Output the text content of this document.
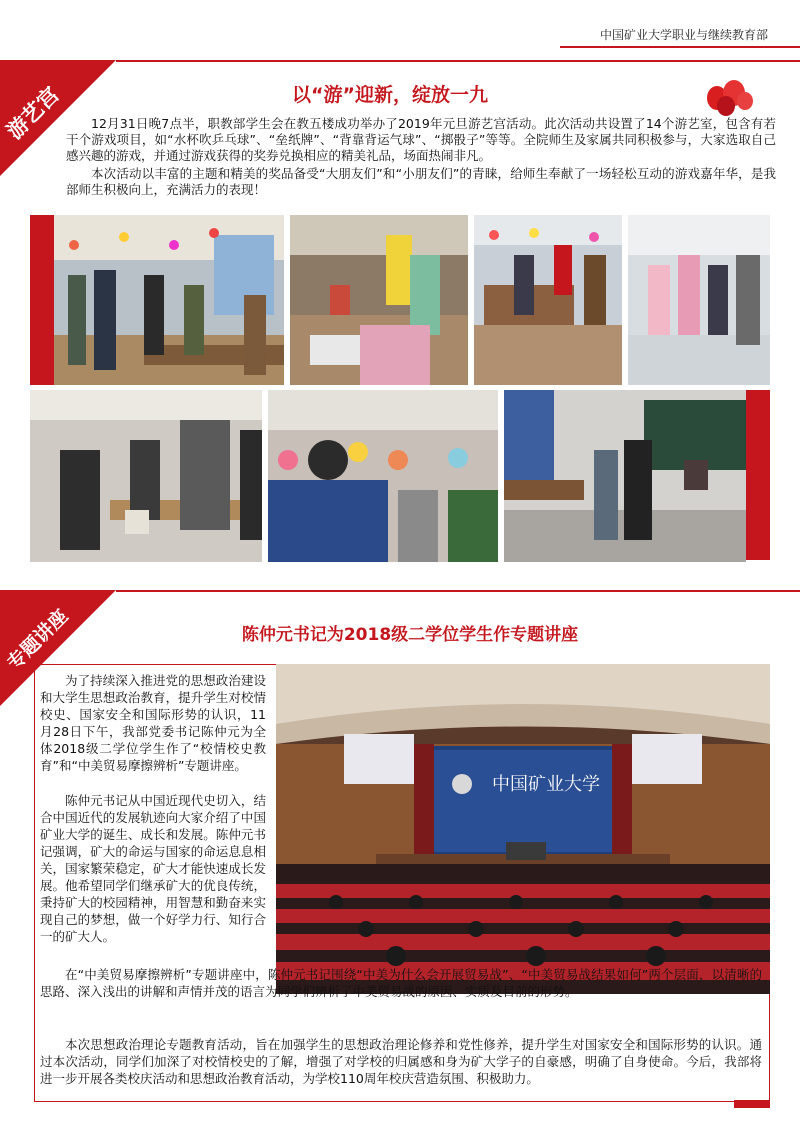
中国矿业大学职业与继续教育部
游艺宫	以“游”迎新，绽放一九
12月31日晚7点半，职教部学生会在教五楼成功举办了2019年元旦游艺宫活动。此次活动共设置了14个游艺室，包含有若干个游戏项目，如“水杯吹乒乓球”、“垒纸牌”、“背靠背运气球”、“掷骰子”等等。全院师生及家属共同积极参与，大家选取自己感兴趣的游戏，并通过游戏获得的奖券兑换相应的精美礼品，场面热闹非凡。
本次活动以丰富的主题和精美的奖品备受“大朋友们”和“小朋友们”的青睐，给师生奉献了一场轻松互动的游戏嘉年华，是我部师生积极向上，充满活力的表现！
专题讲座	陈仲元书记为2018级二学位学生作专题讲座
中国矿业大学
为了持续深入推进党的思想政治建设和大学生思想政治教育，提升学生对校情校史、国家安全和国际形势的认识，11月28日下午，我部党委书记陈仲元为全体2018级二学位学生作了“校情校史教育”和“中美贸易摩擦辨析”专题讲座。
陈仲元书记从中国近现代史切入，结合中国近代的发展轨迹向大家介绍了中国矿业大学的诞生、成长和发展。陈仲元书记强调，矿大的命运与国家的命运息息相关，国家繁荣稳定，矿大才能快速成长发展。他希望同学们继承矿大的优良传统，秉持矿大的校园精神，用智慧和勤奋来实现自己的梦想，做一个好学力行、知行合一的矿大人。
在“中美贸易摩擦辨析”专题讲座中，陈仲元书记围绕“中美为什么会开展贸易战”、“中美贸易战结果如何”两个层面，以清晰的思路、深入浅出的讲解和声情并茂的语言为同学们辨析了中美贸易战的原因、实质及目前的形势。
本次思想政治理论专题教育活动，旨在加强学生的思想政治理论修养和党性修养，提升学生对国家安全和国际形势的认识。通过本次活动，同学们加深了对校情校史的了解，增强了对学校的归属感和身为矿大学子的自豪感，明确了自身使命。今后，我部将进一步开展各类校庆活动和思想政治教育活动，为学校110周年校庆营造氛围、积极助力。
